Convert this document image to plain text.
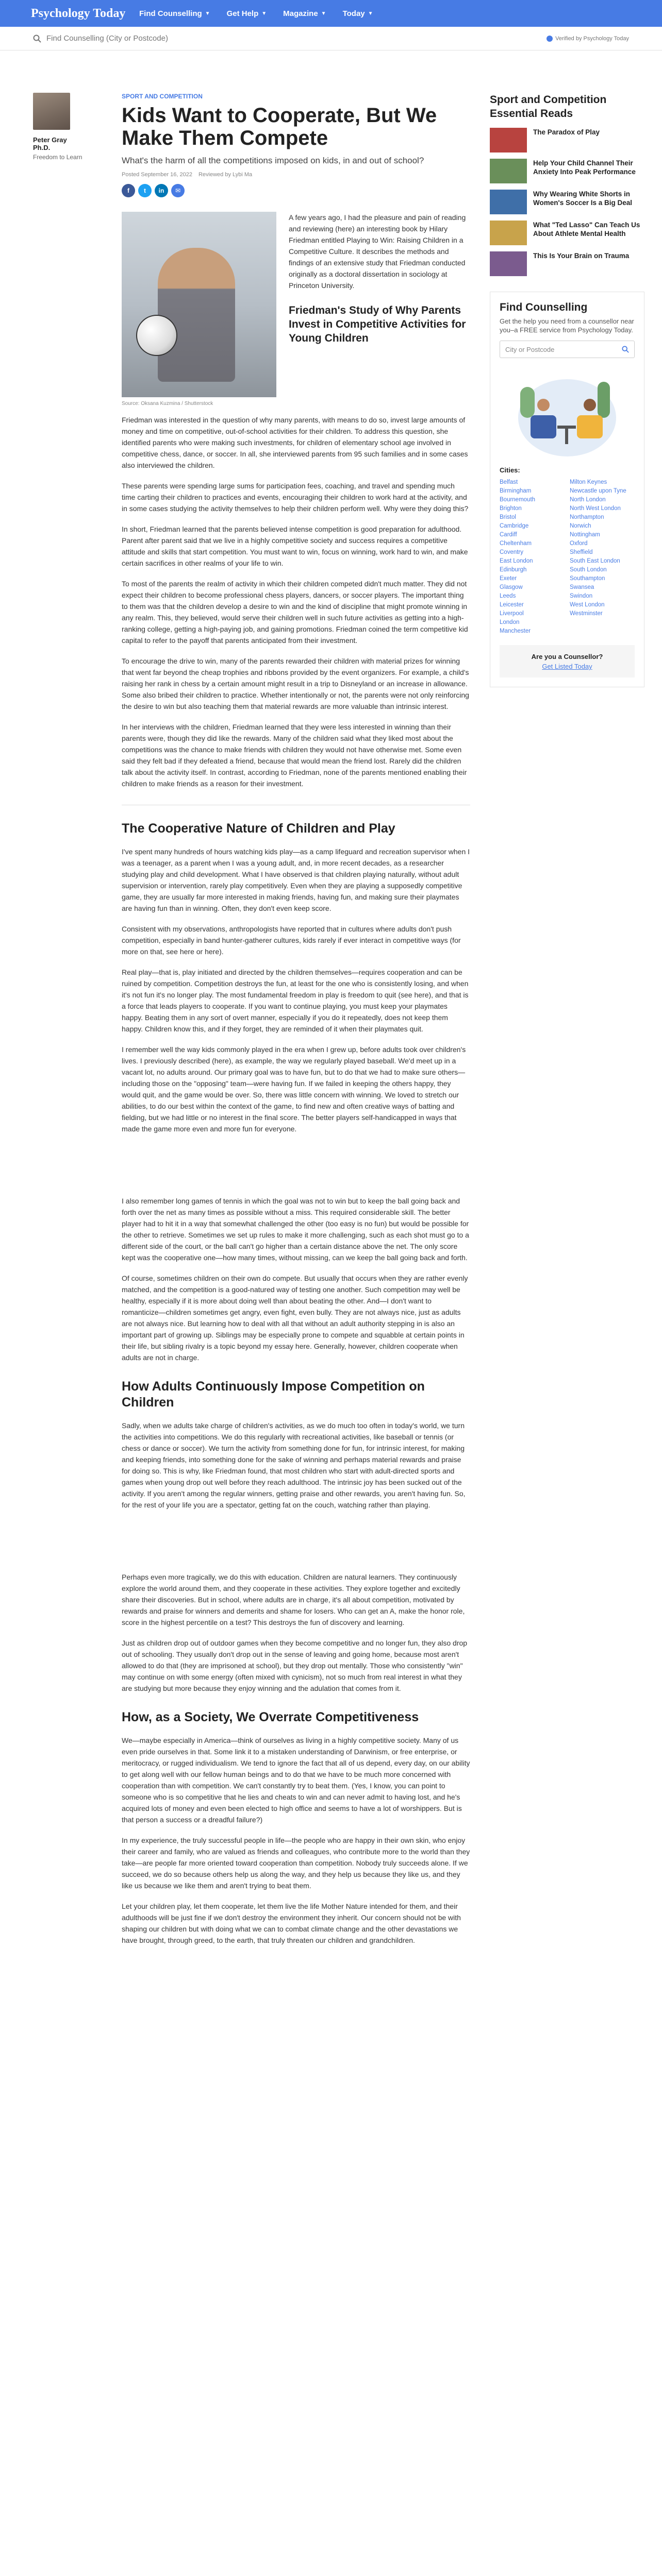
Psychology Today	Find Counselling ▼ Get Help ▼ Magazine ▼ Today ▼
Find Counselling (City or Postcode)	Verified by Psychology Today
Peter Gray Ph.D.
Freedom to Learn
SPORT AND COMPETITION
Kids Want to Cooperate, But We Make Them Compete
What's the harm of all the competitions imposed on kids, in and out of school?
Posted September 16, 2022 Reviewed by Lybi Ma
f	t	in	✉
Source: Oksana Kuzmina / Shutterstock

A few years ago, I had the pleasure and pain of reading and reviewing (here) an interesting book by Hilary Friedman entitled Playing to Win: Raising Children in a Competitive Culture. It describes the methods and findings of an extensive study that Friedman conducted originally as a doctoral dissertation in sociology at Princeton University.

Friedman's Study of Why Parents Invest in Competitive Activities for Young Children

Friedman was interested in the question of why many parents, with means to do so, invest large amounts of money and time on competitive, out-of-school activities for their children. To address this question, she identified parents who were making such investments, for children of elementary school age involved in competitive chess, dance, or soccer. In all, she interviewed parents from 95 such families and in some cases also interviewed the children.

These parents were spending large sums for participation fees, coaching, and travel and spending much time carting their children to practices and events, encouraging their children to work hard at the activity, and in some cases studying the activity themselves to help their children perform well. Why were they doing this?

In short, Friedman learned that the parents believed intense competition is good preparation for adulthood. Parent after parent said that we live in a highly competitive society and success requires a competitive attitude and skills that start competition. You must want to win, focus on winning, work hard to win, and make certain sacrifices in other realms of your life to win.

To most of the parents the realm of activity in which their children competed didn't much matter. They did not expect their children to become professional chess players, dancers, or soccer players. The important thing to them was that the children develop a desire to win and the kind of discipline that might promote winning in any realm. This, they believed, would serve their children well in such future activities as getting into a high-ranking college, getting a high-paying job, and gaining promotions. Friedman coined the term competitive kid capital to refer to the payoff that parents anticipated from their investment.

To encourage the drive to win, many of the parents rewarded their children with material prizes for winning that went far beyond the cheap trophies and ribbons provided by the event organizers. For example, a child's raising her rank in chess by a certain amount might result in a trip to Disneyland or an increase in allowance. Some also bribed their children to practice. Whether intentionally or not, the parents were not only reinforcing the desire to win but also teaching them that material rewards are more valuable than intrinsic interest.

In her interviews with the children, Friedman learned that they were less interested in winning than their parents were, though they did like the rewards. Many of the children said what they liked most about the competitions was the chance to make friends with children they would not have otherwise met. Some even said they felt bad if they defeated a friend, because that would mean the friend lost. Rarely did the children talk about the activity itself. In contrast, according to Friedman, none of the parents mentioned enabling their children to make friends as a reason for their investment.

The Cooperative Nature of Children and Play

I've spent many hundreds of hours watching kids play—as a camp lifeguard and recreation supervisor when I was a teenager, as a parent when I was a young adult, and, in more recent decades, as a researcher studying play and child development. What I have observed is that children playing naturally, without adult supervision or intervention, rarely play competitively. Even when they are playing a supposedly competitive game, they are usually far more interested in making friends, having fun, and making sure their playmates are having fun than in winning. Often, they don't even keep score.

Consistent with my observations, anthropologists have reported that in cultures where adults don't push competition, especially in band hunter-gatherer cultures, kids rarely if ever interact in competitive ways (for more on that, see here or here).

Real play—that is, play initiated and directed by the children themselves—requires cooperation and can be ruined by competition. Competition destroys the fun, at least for the one who is consistently losing, and when it's not fun it's no longer play. The most fundamental freedom in play is freedom to quit (see here), and that is a force that leads players to cooperate. If you want to continue playing, you must keep your playmates happy. Beating them in any sort of overt manner, especially if you do it repeatedly, does not keep them happy. Children know this, and if they forget, they are reminded of it when their playmates quit.

I remember well the way kids commonly played in the era when I grew up, before adults took over children's lives. I previously described (here), as example, the way we regularly played baseball. We'd meet up in a vacant lot, no adults around. Our primary goal was to have fun, but to do that we had to make sure others—including those on the "opposing" team—were having fun. If we failed in keeping the others happy, they would quit, and the game would be over. So, there was little concern with winning. We loved to stretch our abilities, to do our best within the context of the game, to find new and often creative ways of batting and fielding, but we had little or no interest in the final score. The better players self-handicapped in ways that made the game more even and more fun for everyone.

I also remember long games of tennis in which the goal was not to win but to keep the ball going back and forth over the net as many times as possible without a miss. This required considerable skill. The better player had to hit it in a way that somewhat challenged the other (too easy is no fun) but would be possible for the other to retrieve. Sometimes we set up rules to make it more challenging, such as each shot must go to a different side of the court, or the ball can't go higher than a certain distance above the net. The only score kept was the cooperative one—how many times, without missing, can we keep the ball going back and forth.

Of course, sometimes children on their own do compete. But usually that occurs when they are rather evenly matched, and the competition is a good-natured way of testing one another. Such competition may well be healthy, especially if it is more about doing well than about beating the other. And—I don't want to romanticize—children sometimes get angry, even fight, even bully. They are not always nice, just as adults are not always nice. But learning how to deal with all that without an adult authority stepping in is also an important part of growing up. Siblings may be especially prone to compete and squabble at certain points in their life, but sibling rivalry is a topic beyond my essay here. Generally, however, children cooperate when adults are not in charge.

How Adults Continuously Impose Competition on Children

Sadly, when we adults take charge of children's activities, as we do much too often in today's world, we turn the activities into competitions. We do this regularly with recreational activities, like baseball or tennis (or chess or dance or soccer). We turn the activity from something done for fun, for intrinsic interest, for making and keeping friends, into something done for the sake of winning and perhaps material rewards and praise for doing so. This is why, like Friedman found, that most children who start with adult-directed sports and games when young drop out well before they reach adulthood. The intrinsic joy has been sucked out of the activity. If you aren't among the regular winners, getting praise and other rewards, you aren't having fun. So, for the rest of your life you are a spectator, getting fat on the couch, watching rather than playing.

Perhaps even more tragically, we do this with education. Children are natural learners. They continuously explore the world around them, and they cooperate in these activities. They explore together and excitedly share their discoveries. But in school, where adults are in charge, it's all about competition, motivated by rewards and praise for winners and demerits and shame for losers. Who can get an A, make the honor role, score in the highest percentile on a test? This destroys the fun of discovery and learning.

Just as children drop out of outdoor games when they become competitive and no longer fun, they also drop out of schooling. They usually don't drop out in the sense of leaving and going home, because most aren't allowed to do that (they are imprisoned at school), but they drop out mentally. Those who consistently "win" may continue on with some energy (often mixed with cynicism), not so much from real interest in what they are studying but more because they enjoy winning and the adulation that comes from it.

How, as a Society, We Overrate Competitiveness

We—maybe especially in America—think of ourselves as living in a highly competitive society. Many of us even pride ourselves in that. Some link it to a mistaken understanding of Darwinism, or free enterprise, or meritocracy, or rugged individualism. We tend to ignore the fact that all of us depend, every day, on our ability to get along well with our fellow human beings and to do that we have to be much more concerned with cooperation than with competition. We can't constantly try to beat them. (Yes, I know, you can point to someone who is so competitive that he lies and cheats to win and can never admit to having lost, and he's acquired lots of money and even been elected to high office and seems to have a lot of worshippers. But is that person a success or a dreadful failure?)

In my experience, the truly successful people in life—the people who are happy in their own skin, who enjoy their career and family, who are valued as friends and colleagues, who contribute more to the world than they take—are people far more oriented toward cooperation than competition. Nobody truly succeeds alone. If we succeed, we do so because others help us along the way, and they help us because they like us, and they like us because we like them and aren't trying to beat them.

Let your children play, let them cooperate, let them live the life Mother Nature intended for them, and their adulthoods will be just fine if we don't destroy the environment they inherit. Our concern should not be with shaping our children but with doing what we can to combat climate change and the other devastations we have brought, through greed, to the earth, that truly threaten our children and grandchildren.

Sport and Competition Essential Reads
The Paradox of Play
Help Your Child Channel Their Anxiety Into Peak Performance
Why Wearing White Shorts in Women's Soccer Is a Big Deal
What "Ted Lasso" Can Teach Us About Athlete Mental Health
This Is Your Brain on Trauma
Find Counselling
Get the help you need from a counsellor near you–a FREE service from Psychology Today.
City or Postcode
Cities:
Belfast
Birmingham
Bournemouth
Brighton
Bristol
Cambridge
Cardiff
Cheltenham
Coventry
East London
Edinburgh
Exeter
Glasgow
Leeds
Leicester
Liverpool
London
Manchester
Milton Keynes
Newcastle upon Tyne
North London
North West London
Northampton
Norwich
Nottingham
Oxford
Sheffield
South East London
South London
Southampton
Swansea
Swindon
West London
Westminster
Are you a Counsellor?
Get Listed Today
